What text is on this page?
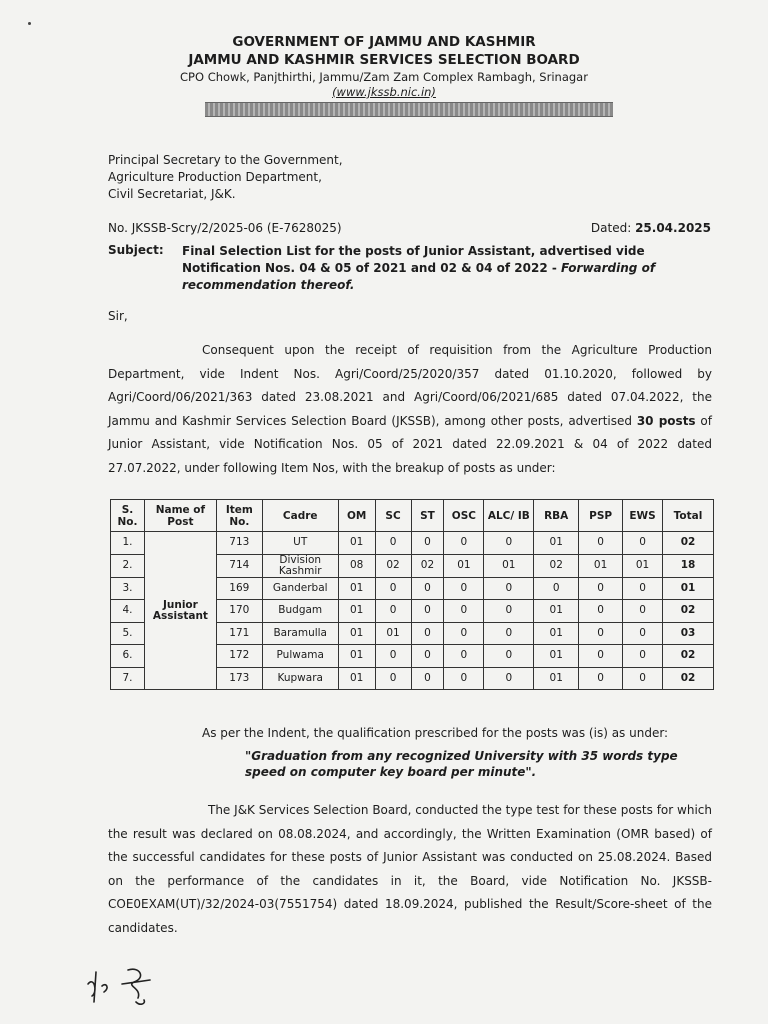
GOVERNMENT OF JAMMU AND KASHMIR
JAMMU AND KASHMIR SERVICES SELECTION BOARD
CPO Chowk, Panjthirthi, Jammu/Zam Zam Complex Rambagh, Srinagar
(www.jkssb.nic.in)
Principal Secretary to the Government,
Agriculture Production Department,
Civil Secretariat, J&K.
No. JKSSB-Scry/2/2025-06 (E-7628025)	Dated: 25.04.2025
Subject: Final Selection List for the posts of Junior Assistant, advertised vide Notification Nos. 04 & 05 of 2021 and 02 & 04 of 2022 - Forwarding of recommendation thereof.
Sir,
Consequent upon the receipt of requisition from the Agriculture Production Department, vide Indent Nos. Agri/Coord/25/2020/357 dated 01.10.2020, followed by Agri/Coord/06/2021/363 dated 23.08.2021 and Agri/Coord/06/2021/685 dated 07.04.2022, the Jammu and Kashmir Services Selection Board (JKSSB), among other posts, advertised 30 posts of Junior Assistant, vide Notification Nos. 05 of 2021 dated 22.09.2021 & 04 of 2022 dated 27.07.2022, under following Item Nos, with the breakup of posts as under:
S. No.	Name of Post	Item No.	Cadre	OM	SC	ST	OSC	ALC/ IB	RBA	PSP	EWS	Total
1.	Junior Assistant	713	UT	01	0	0	0	0	01	0	0	02
2.		714	Division Kashmir	08	02	02	01	01	02	01	01	18
3.		169	Ganderbal	01	0	0	0	0	0	0	0	01
4.		170	Budgam	01	0	0	0	0	01	0	0	02
5.		171	Baramulla	01	01	0	0	0	01	0	0	03
6.		172	Pulwama	01	0	0	0	0	01	0	0	02
7.		173	Kupwara	01	0	0	0	0	01	0	0	02
As per the Indent, the qualification prescribed for the posts was (is) as under:
"Graduation from any recognized University with 35 words type speed on computer key board per minute".
The J&K Services Selection Board, conducted the type test for these posts for which the result was declared on 08.08.2024, and accordingly, the Written Examination (OMR based) of the successful candidates for these posts of Junior Assistant was conducted on 25.08.2024. Based on the performance of the candidates in it, the Board, vide Notification No. JKSSB-COE0EXAM(UT)/32/2024-03(7551754) dated 18.09.2024, published the Result/Score-sheet of the candidates.
